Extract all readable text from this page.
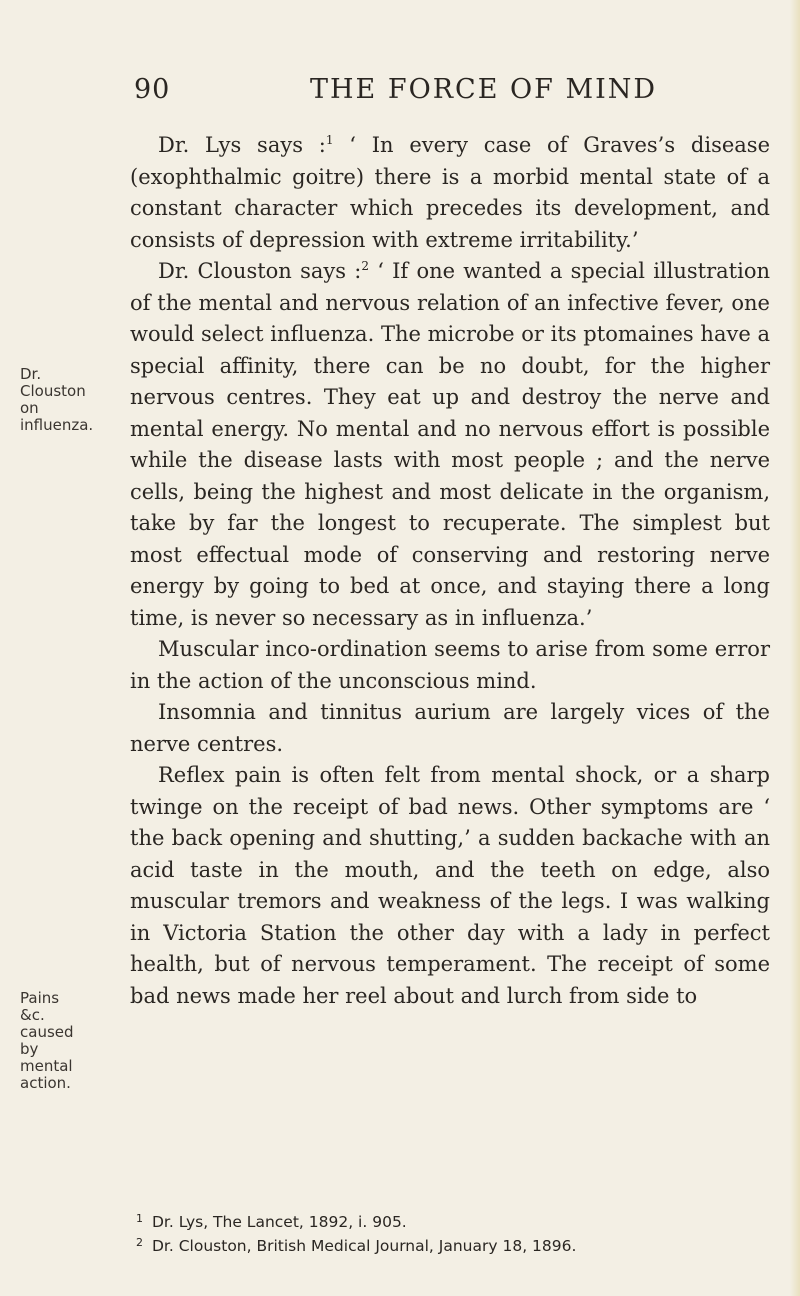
90	THE FORCE OF MIND
Dr. Clouston on influenza.
Pains &c. caused by mental action.

Dr. Lys says :$^1$ ‘ In every case of Graves’s disease (exophthalmic goitre) there is a morbid mental state of a constant character which precedes its development, and consists of depression with extreme irritability.’

Dr. Clouston says :$^2$ ‘ If one wanted a special illustration of the mental and nervous relation of an infective fever, one would select influenza. The microbe or its ptomaines have a special affinity, there can be no doubt, for the higher nervous centres. They eat up and destroy the nerve and mental energy. No mental and no nervous effort is possible while the disease lasts with most people ; and the nerve cells, being the highest and most delicate in the organism, take by far the longest to recuperate. The simplest but most effectual mode of conserving and restoring nerve energy by going to bed at once, and staying there a long time, is never so necessary as in influenza.’

Muscular inco-ordination seems to arise from some error in the action of the unconscious mind.

Insomnia and tinnitus aurium are largely vices of the nerve centres.

Reflex pain is often felt from mental shock, or a sharp twinge on the receipt of bad news. Other symptoms are ‘ the back opening and shutting,’ a sudden backache with an acid taste in the mouth, and the teeth on edge, also muscular tremors and weakness of the legs. I was walking in Victoria Station the other day with a lady in perfect health, but of nervous temperament. The receipt of some bad news made her reel about and lurch from side to

1 Dr. Lys, The Lancet, 1892, i. 905.
2 Dr. Clouston, British Medical Journal, January 18, 1896.
